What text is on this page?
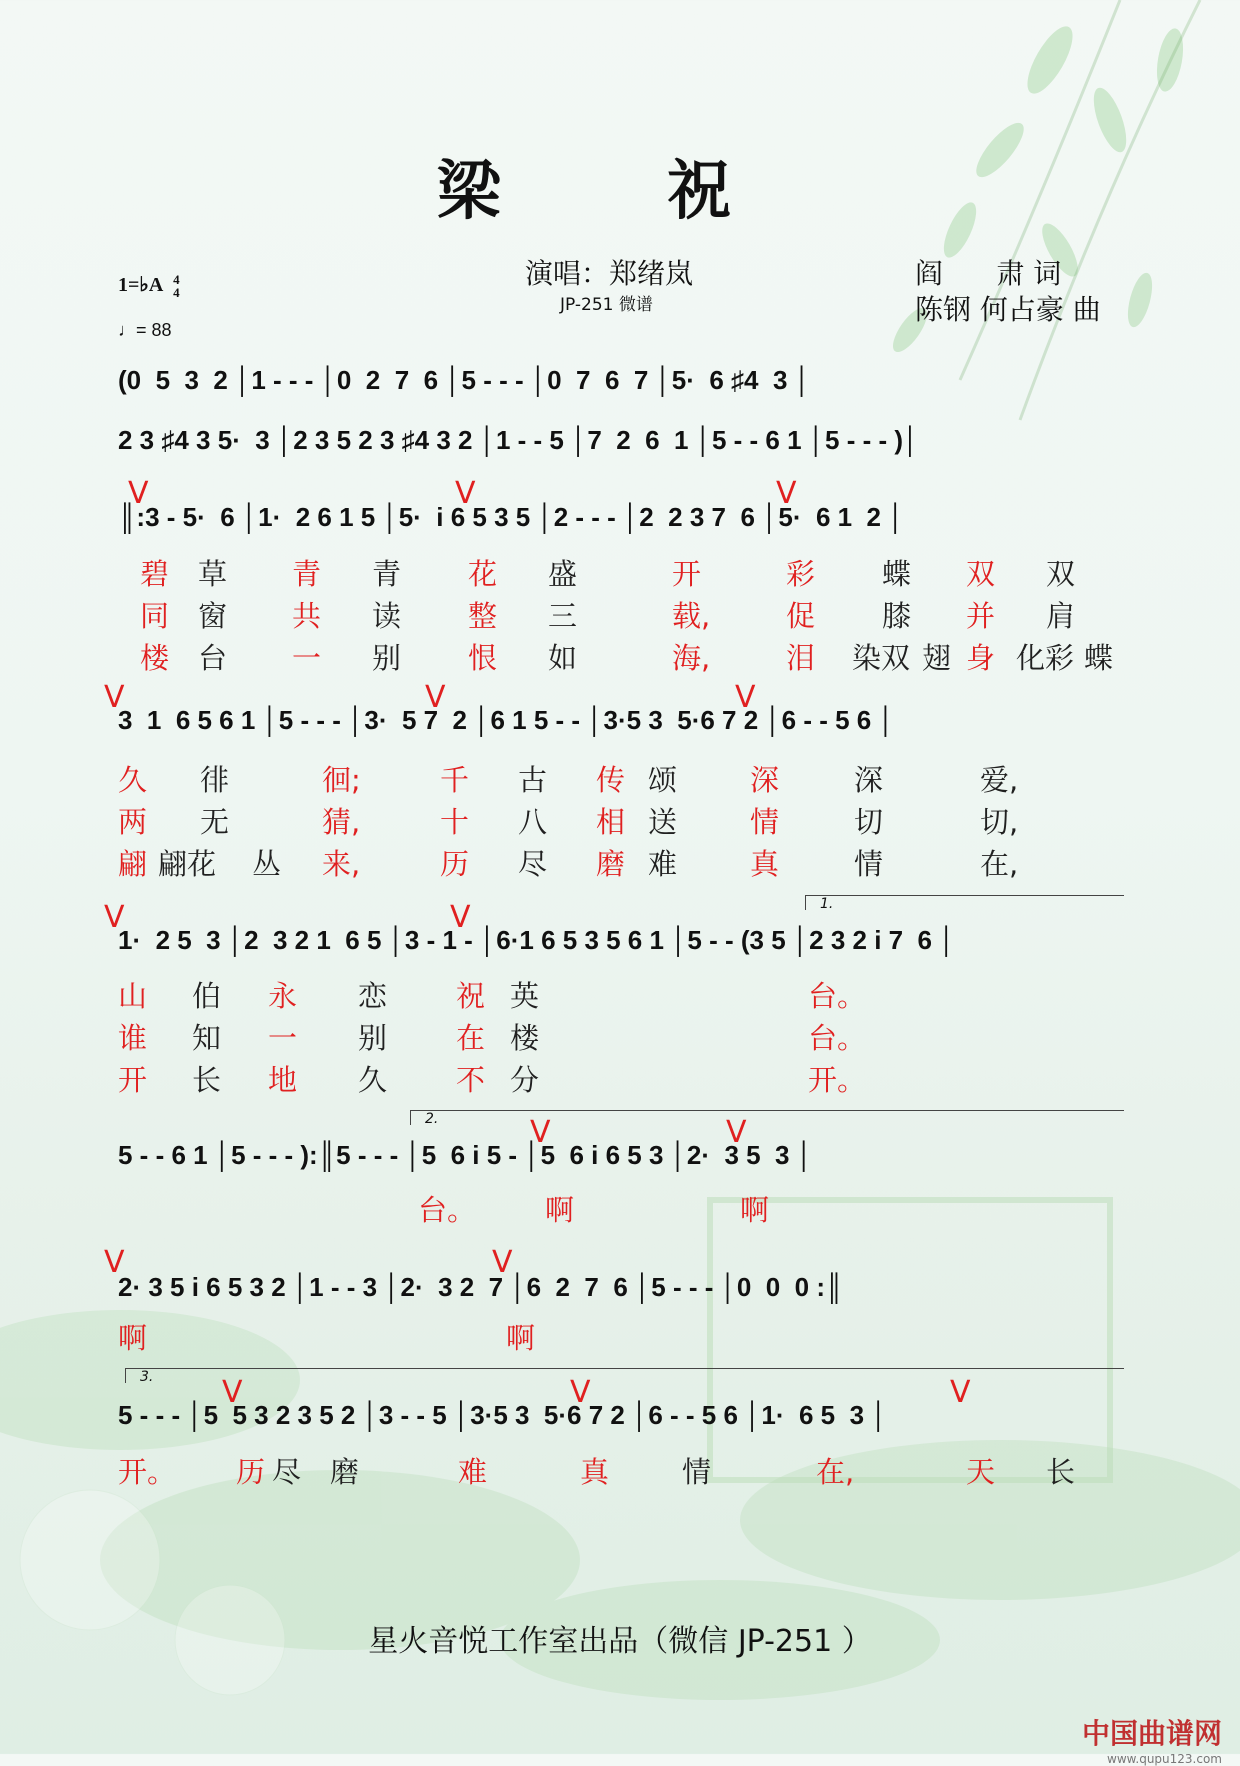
梁 祝
演唱：郑绪岚
JP-251 微谱
阎      肃 词
陈钢 何占豪 曲
1=♭A 4
4
♩= 88
(0  5  3  2 │1 - - - │0  2  7  6 │5 - - - │0  7  6  7 │5·  6 ♯4  3 │
2 3 ♯4 3 5·  3 │2 3 5 2 3 ♯4 3 2 │1 - - 5 │7  2  6  1 │5 - - 6 1 │5 - - - )│
║:3 - 5·  6 │1·  2 6 1 5 │5·  i 6 5 3 5 │2 - - - │2  2 3 7  6 │5·  6 1  2 │
3  1  6 5 6 1 │5 - - - │3·  5 7  2 │6 1 5 - - │3·5 3  5·6 7 2 │6 - - 5 6 │
1·  2 5  3 │2  3 2 1  6 5 │3 - 1 - │6·1 6 5 3 5 6 1 │5 - - (3 5 │2 3 2 i 7  6 │
5 - - 6 1 │5 - - - ):║5 - - - │5  6 i 5 - │5  6 i 6 5 3 │2·  3 5  3 │
2· 3 5 i 6 5 3 2 │1 - - 3 │2·  3 2  7 │6  2  7  6 │5 - - - │0  0  0 :║
5 - - - │5  5 3 2 3 5 2 │3 - - 5 │3·5 3  5·6 7 2 │6 - - 5 6 │1·  6 5  3 │
V	V	V
V	V	V
V	V
V	V
V	V
V	V	V
1.
2.
3.
碧 草 青 青 花 盛	开	彩 蝶 双 双
同 窗 共 读 整 三	载,	促 膝 并 肩
楼 台 一 别 恨 如	海,	泪 染双 翅 身 化彩 蝶
久 徘	徊;	千 古 传 颂	深	深	爱,
两 无	猜,	十 八 相 送	情	切	切,
翩 翩花 丛 来,	历 尽 磨 难	真	情	在,
山 伯 永 恋 祝 英	台。
谁 知 一 别 在 楼	台。
开 长 地 久 不 分	开。
台。 啊	啊
啊	啊
开。 历 尽 磨	难	真	情	在,	天 长
星火音悦工作室出品（微信 JP-251 ）
中国曲谱网
www.qupu123.com
